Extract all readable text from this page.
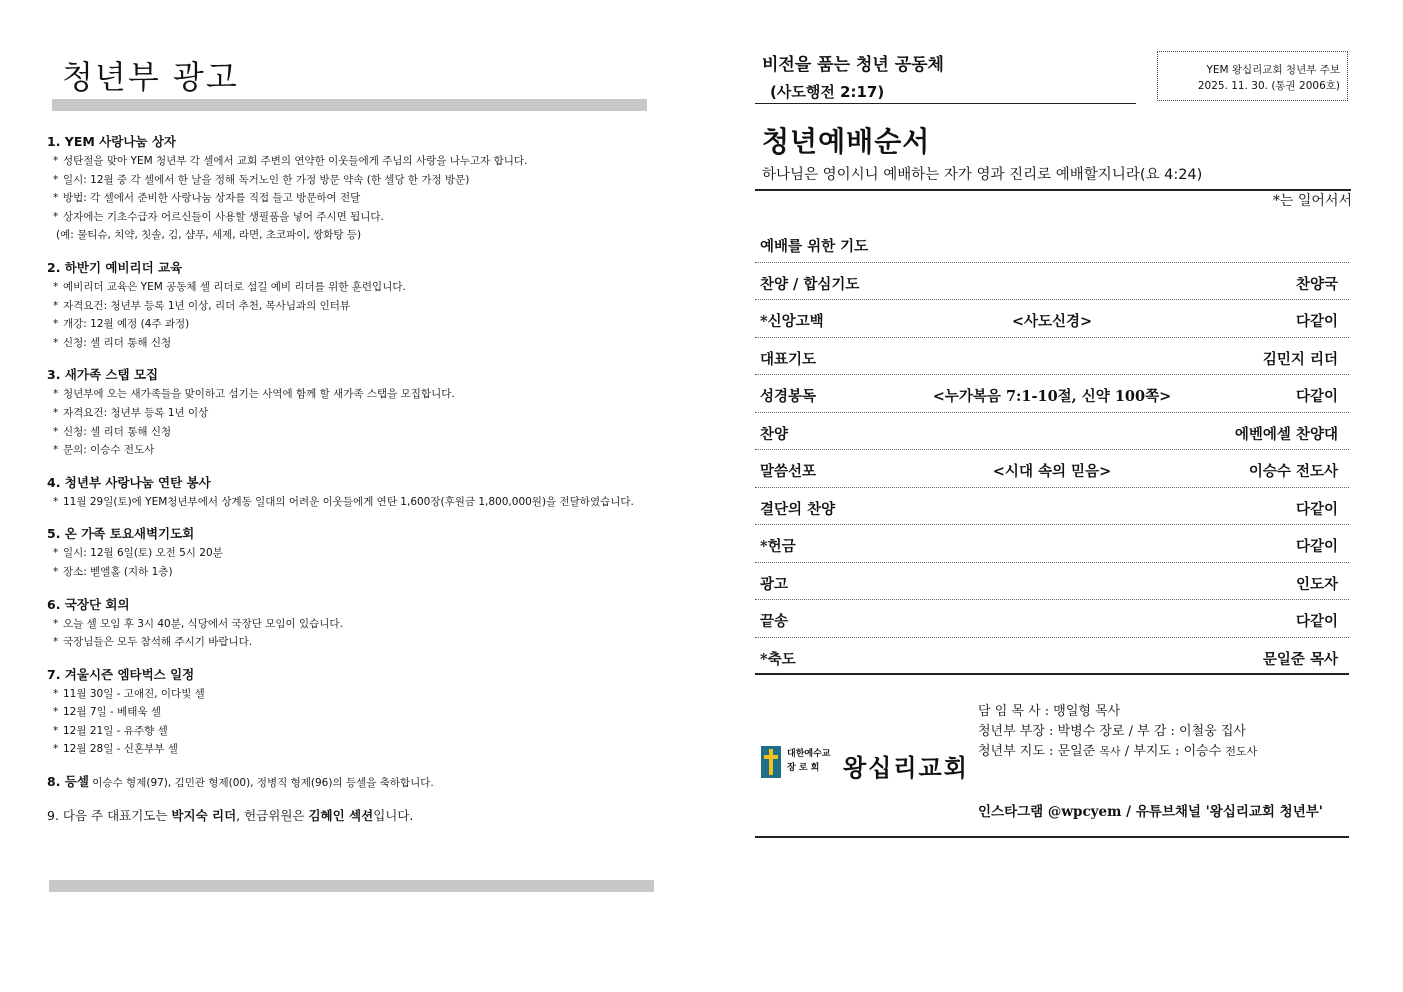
청년부 광고
1. YEM 사랑나눔 상자
* 성탄절을 맞아 YEM 청년부 각 셀에서 교회 주변의 연약한 이웃들에게 주님의 사랑을 나누고자 합니다.
* 일시: 12월 중 각 셀에서 한 날을 정해 독거노인 한 가정 방문 약속 (한 셀당 한 가정 방문)
* 방법: 각 셀에서 준비한 사랑나눔 상자를 직접 들고 방문하여 전달
* 상자에는 기초수급자 어르신들이 사용할 생필품을 넣어 주시면 됩니다.
(예: 물티슈, 치약, 칫솔, 김, 샴푸, 세제, 라면, 초코파이, 쌍화탕 등)
2. 하반기 예비리더 교육
* 예비리더 교육은 YEM 공동체 셀 리더로 섬길 예비 리더를 위한 훈련입니다.
* 자격요건: 청년부 등록 1년 이상, 리더 추천, 목사님과의 인터뷰
* 개강: 12월 예정 (4주 과정)
* 신청: 셀 리더 통해 신청
3. 새가족 스탭 모집
* 청년부에 오는 새가족들을 맞이하고 섬기는 사역에 함께 할 새가족 스탭을 모집합니다.
* 자격요건: 청년부 등록 1년 이상
* 신청: 셀 리더 통해 신청
* 문의: 이승수 전도사
4. 청년부 사랑나눔 연탄 봉사
* 11월 29일(토)에 YEM청년부에서 상계동 일대의 어려운 이웃들에게 연탄 1,600장(후원금 1,800,000원)을 전달하였습니다.
5. 온 가족 토요새벽기도회
* 일시: 12월 6일(토) 오전 5시 20분
* 장소: 벧엘홀 (지하 1층)
6. 국장단 회의
* 오늘 셀 모임 후 3시 40분, 식당에서 국장단 모임이 있습니다.
* 국장님들은 모두 참석해 주시기 바랍니다.
7. 겨울시즌 엠타벅스 일정
* 11월 30일 - 고애진, 이다빛 셀
* 12월 7일 - 베태욱 셀
* 12월 21일 - 유주향 셀
* 12월 28일 - 신혼부부 셀
8. 등셀 이승수 형제(97), 김민관 형제(00), 정병직 형제(96)의 등셀을 축하합니다.
9. 다음 주 대표기도는 박지숙 리더, 헌금위원은 김혜인 섹션입니다.
비전을 품는 청년 공동체
(사도행전 2:17)
YEM 왕십리교회 청년부 주보
2025. 11. 30. (통권 2006호)
청년예배순서
하나님은 영이시니 예배하는 자가 영과 진리로 예배할지니라(요 4:24)
*는 일어서서
예배를 위한 기도
찬양 / 합심기도	찬양국
*신앙고백	<사도신경>	다같이
대표기도	김민지 리더
성경봉독	<누가복음 7:1-10절, 신약 100쪽>	다같이
찬양	에벤에셀 찬양대
말씀선포	<시대 속의 믿음>	이승수 전도사
결단의 찬양	다같이
*헌금	다같이
광고	인도자
끝송	다같이
*축도	문일준 목사
대한예수교
장 로 회 왕십리교회
담 임 목 사 : 맹일형 목사
청년부 부장 : 박병수 장로 / 부 감 : 이철웅 집사
청년부 지도 : 문일준 목사 / 부지도 : 이승수 전도사
인스타그램 @wpcyem / 유튜브채널 '왕십리교회 청년부'
